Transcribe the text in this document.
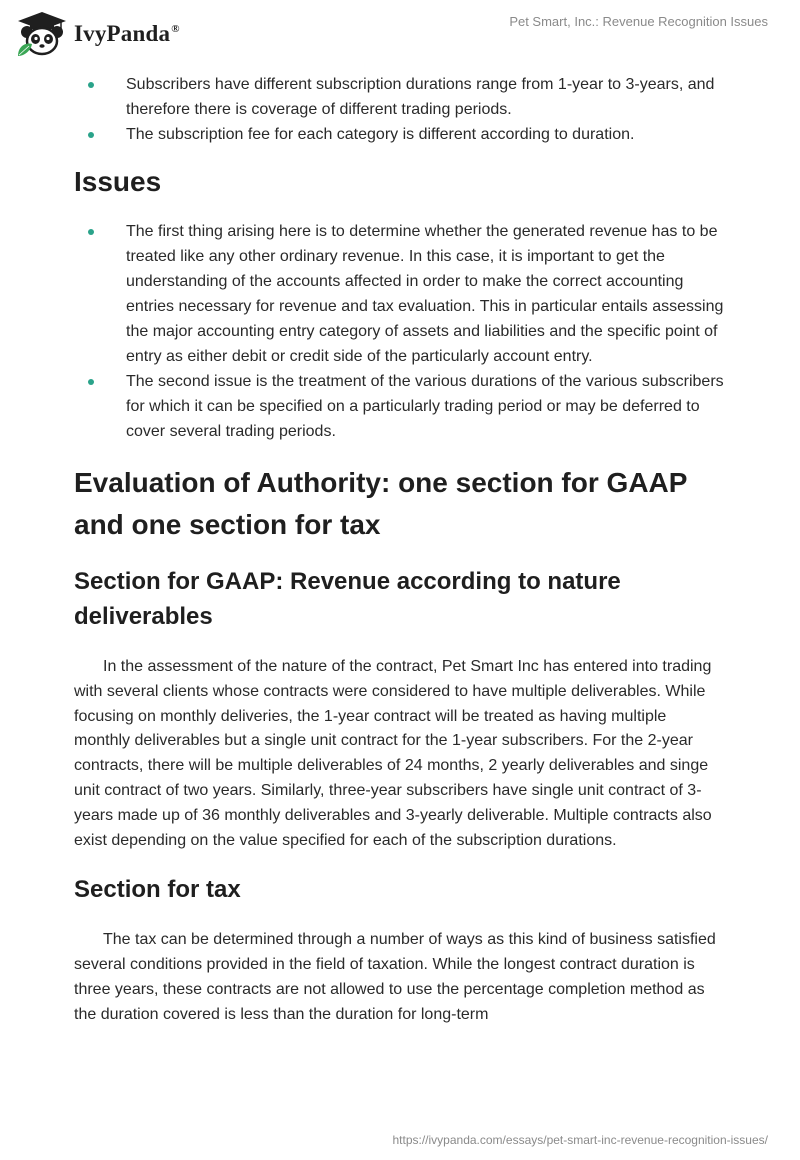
IvyPanda®
Pet Smart, Inc.: Revenue Recognition Issues
Subscribers have different subscription durations range from 1-year to 3-years, and therefore there is coverage of different trading periods.
The subscription fee for each category is different according to duration.
Issues
The first thing arising here is to determine whether the generated revenue has to be treated like any other ordinary revenue. In this case, it is important to get the understanding of the accounts affected in order to make the correct accounting entries necessary for revenue and tax evaluation. This in particular entails assessing the major accounting entry category of assets and liabilities and the specific point of entry as either debit or credit side of the particularly account entry.
The second issue is the treatment of the various durations of the various subscribers for which it can be specified on a particularly trading period or may be deferred to cover several trading periods.
Evaluation of Authority: one section for GAAP and one section for tax
Section for GAAP: Revenue according to nature deliverables

In the assessment of the nature of the contract, Pet Smart Inc has entered into trading with several clients whose contracts were considered to have multiple deliverables. While focusing on monthly deliveries, the 1-year contract will be treated as having multiple monthly deliverables but a single unit contract for the 1-year subscribers. For the 2-year contracts, there will be multiple deliverables of 24 months, 2 yearly deliverables and singe unit contract of two years. Similarly, three-year subscribers have single unit contract of 3-years made up of 36 monthly deliverables and 3-yearly deliverable. Multiple contracts also exist depending on the value specified for each of the subscription durations.

Section for tax

The tax can be determined through a number of ways as this kind of business satisfied several conditions provided in the field of taxation. While the longest contract duration is three years, these contracts are not allowed to use the percentage completion method as the duration covered is less than the duration for long-term

https://ivypanda.com/essays/pet-smart-inc-revenue-recognition-issues/
